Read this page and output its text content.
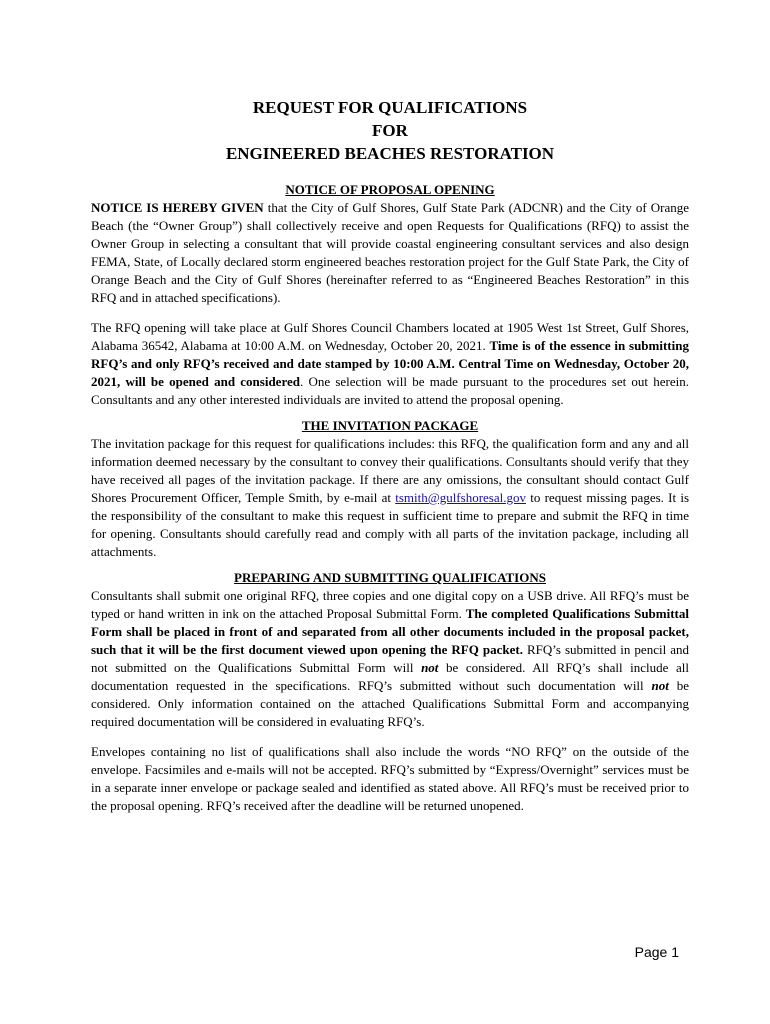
REQUEST FOR QUALIFICATIONS
FOR
ENGINEERED BEACHES RESTORATION
NOTICE OF PROPOSAL OPENING

NOTICE IS HEREBY GIVEN that the City of Gulf Shores, Gulf State Park (ADCNR) and the City of Orange Beach (the “Owner Group”) shall collectively receive and open Requests for Qualifications (RFQ) to assist the Owner Group in selecting a consultant that will provide coastal engineering consultant services and also design FEMA, State, of Locally declared storm engineered beaches restoration project for the Gulf State Park, the City of Orange Beach and the City of Gulf Shores (hereinafter referred to as “Engineered Beaches Restoration” in this RFQ and in attached specifications).

The RFQ opening will take place at Gulf Shores Council Chambers located at 1905 West 1st Street, Gulf Shores, Alabama 36542, Alabama at 10:00 A.M. on Wednesday, October 20, 2021. Time is of the essence in submitting RFQ’s and only RFQ’s received and date stamped by 10:00 A.M. Central Time on Wednesday, October 20, 2021, will be opened and considered. One selection will be made pursuant to the procedures set out herein. Consultants and any other interested individuals are invited to attend the proposal opening.

THE INVITATION PACKAGE

The invitation package for this request for qualifications includes: this RFQ, the qualification form and any and all information deemed necessary by the consultant to convey their qualifications. Consultants should verify that they have received all pages of the invitation package. If there are any omissions, the consultant should contact Gulf Shores Procurement Officer, Temple Smith, by e-mail at tsmith@gulfshoresal.gov to request missing pages. It is the responsibility of the consultant to make this request in sufficient time to prepare and submit the RFQ in time for opening. Consultants should carefully read and comply with all parts of the invitation package, including all attachments.

PREPARING AND SUBMITTING QUALIFICATIONS

Consultants shall submit one original RFQ, three copies and one digital copy on a USB drive. All RFQ’s must be typed or hand written in ink on the attached Proposal Submittal Form. The completed Qualifications Submittal Form shall be placed in front of and separated from all other documents included in the proposal packet, such that it will be the first document viewed upon opening the RFQ packet. RFQ’s submitted in pencil and not submitted on the Qualifications Submittal Form will not be considered. All RFQ’s shall include all documentation requested in the specifications. RFQ’s submitted without such documentation will not be considered. Only information contained on the attached Qualifications Submittal Form and accompanying required documentation will be considered in evaluating RFQ’s.

Envelopes containing no list of qualifications shall also include the words “NO RFQ” on the outside of the envelope. Facsimiles and e-mails will not be accepted. RFQ’s submitted by “Express/Overnight” services must be in a separate inner envelope or package sealed and identified as stated above. All RFQ’s must be received prior to the proposal opening. RFQ’s received after the deadline will be returned unopened.

Page 1
